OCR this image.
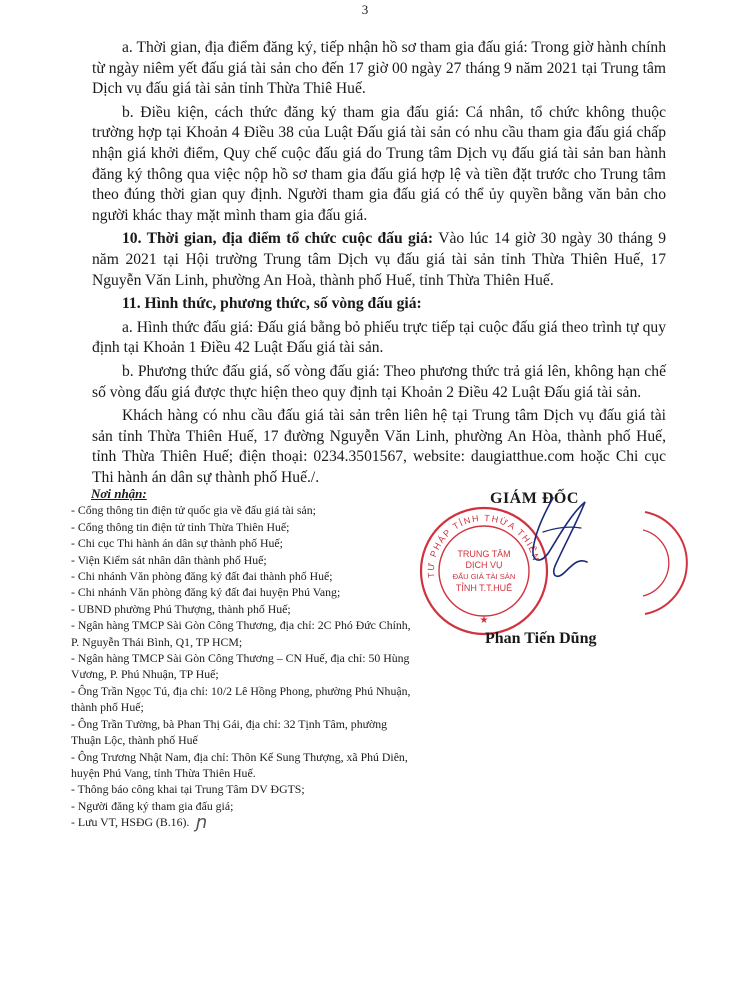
3

a. Thời gian, địa điểm đăng ký, tiếp nhận hồ sơ tham gia đấu giá: Trong giờ hành chính từ ngày niêm yết đấu giá tài sản cho đến 17 giờ 00 ngày 27 tháng 9 năm 2021 tại Trung tâm Dịch vụ đấu giá tài sản tỉnh Thừa Thiê Huế.

b. Điều kiện, cách thức đăng ký tham gia đấu giá: Cá nhân, tổ chức không thuộc trường hợp tại Khoản 4 Điều 38 của Luật Đấu giá tài sản có nhu cầu tham gia đấu giá chấp nhận giá khởi điểm, Quy chế cuộc đấu giá do Trung tâm Dịch vụ đấu giá tài sản ban hành đăng ký thông qua việc nộp hồ sơ tham gia đấu giá hợp lệ và tiền đặt trước cho Trung tâm theo đúng thời gian quy định. Người tham gia đấu giá có thể ủy quyền bằng văn bản cho người khác thay mặt mình tham gia đấu giá.

10. Thời gian, địa điểm tổ chức cuộc đấu giá: Vào lúc 14 giờ 30 ngày 30 tháng 9 năm 2021 tại Hội trường Trung tâm Dịch vụ đấu giá tài sản tỉnh Thừa Thiên Huế, 17 Nguyễn Văn Linh, phường An Hoà, thành phố Huế, tỉnh Thừa Thiên Huế.

11. Hình thức, phương thức, số vòng đấu giá:

a. Hình thức đấu giá: Đấu giá bằng bỏ phiếu trực tiếp tại cuộc đấu giá theo trình tự quy định tại Khoản 1 Điều 42 Luật Đấu giá tài sản.

b. Phương thức đấu giá, số vòng đấu giá: Theo phương thức trả giá lên, không hạn chế số vòng đấu giá được thực hiện theo quy định tại Khoản 2 Điều 42 Luật Đấu giá tài sản.

Khách hàng có nhu cầu đấu giá tài sản trên liên hệ tại Trung tâm Dịch vụ đấu giá tài sản tỉnh Thừa Thiên Huế, 17 đường Nguyễn Văn Linh, phường An Hòa, thành phố Huế, tỉnh Thừa Thiên Huế; điện thoại: 0234.3501567, website: daugiatthue.com hoặc Chi cục Thi hành án dân sự thành phố Huế./.

Nơi nhận:
- Cổng thông tin điện tử quốc gia về đấu giá tài sản;
- Cổng thông tin điện tử tỉnh Thừa Thiên Huế;
- Chi cục Thi hành án dân sự thành phố Huế;
- Viện Kiểm sát nhân dân thành phố Huế;
- Chi nhánh Văn phòng đăng ký đất đai thành phố Huế;
- Chi nhánh Văn phòng đăng ký đất đai huyện Phú Vang;
- UBND phường Phú Thượng, thành phố Huế;
- Ngân hàng TMCP Sài Gòn Công Thương, địa chỉ: 2C Phó Đức Chính, P. Nguyễn Thái Bình, Q1, TP HCM;
- Ngân hàng TMCP Sài Gòn Công Thương – CN Huế, địa chỉ: 50 Hùng Vương, P. Phú Nhuận, TP Huế;
- Ông Trần Ngọc Tú, địa chỉ: 10/2 Lê Hồng Phong, phường Phú Nhuận, thành phố Huế;
- Ông Trần Tường, bà Phan Thị Gái, địa chỉ: 32 Tịnh Tâm, phường Thuận Lộc, thành phố Huế
- Ông Trương Nhật Nam, địa chỉ: Thôn Kế Sung Thượng, xã Phú Diên, huyện Phú Vang, tỉnh Thừa Thiên Huế.
- Thông báo công khai tại Trung Tâm DV ĐGTS;
- Người đăng ký tham gia đấu giá;
- Lưu VT, HSĐG (B.16). ɲ
GIÁM ĐỐC
TƯ PHÁP TỈNH THỪA THIÊN
TRUNG TÂM
DỊCH VỤ
ĐẤU GIÁ TÀI SẢN
TỈNH T.T.HUẾ
★
Phan Tiến Dũng
